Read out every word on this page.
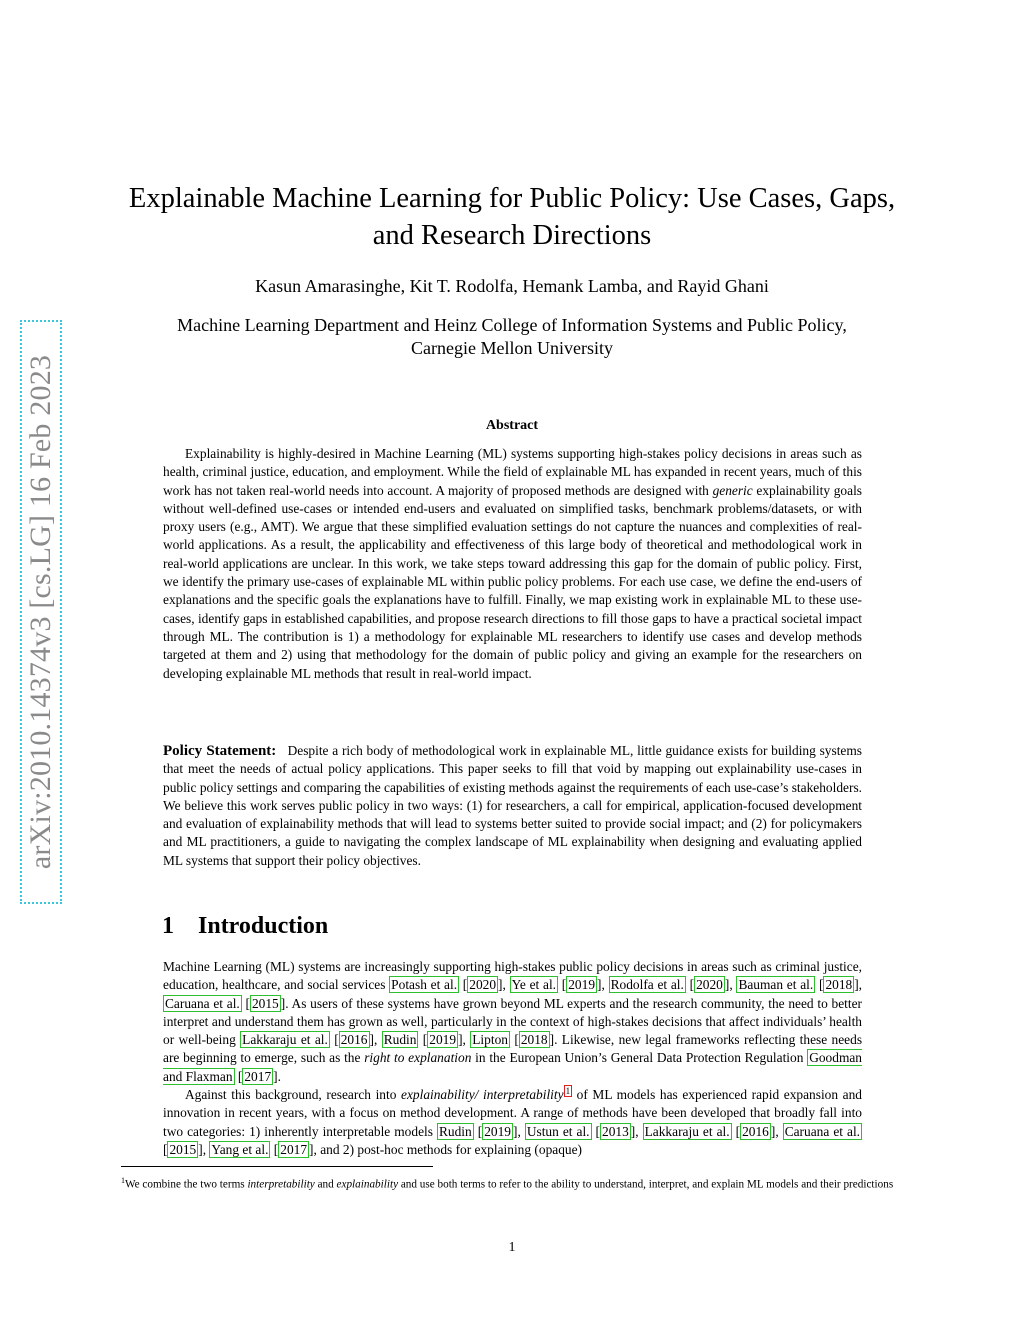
arXiv:2010.14374v3 [cs.LG] 16 Feb 2023
Explainable Machine Learning for Public Policy: Use Cases, Gaps,
and Research Directions
Kasun Amarasinghe, Kit T. Rodolfa, Hemank Lamba, and Rayid Ghani
Machine Learning Department and Heinz College of Information Systems and Public Policy,
Carnegie Mellon University
Abstract

Explainability is highly-desired in Machine Learning (ML) systems supporting high-stakes policy decisions in areas such as health, criminal justice, education, and employment. While the field of explainable ML has expanded in recent years, much of this work has not taken real-world needs into account. A majority of proposed methods are designed with generic explainability goals without well-defined use-cases or intended end-users and evaluated on simplified tasks, benchmark problems/datasets, or with proxy users (e.g., AMT). We argue that these simplified evaluation settings do not capture the nuances and complexities of real-world applications. As a result, the applicability and effectiveness of this large body of theoretical and methodological work in real-world applications are unclear. In this work, we take steps toward addressing this gap for the domain of public policy. First, we identify the primary use-cases of explainable ML within public policy problems. For each use case, we define the end-users of explanations and the specific goals the explanations have to fulfill. Finally, we map existing work in explainable ML to these use-cases, identify gaps in established capabilities, and propose research directions to fill those gaps to have a practical societal impact through ML. The contribution is 1) a methodology for explainable ML researchers to identify use cases and develop methods targeted at them and 2) using that methodology for the domain of public policy and giving an example for the researchers on developing explainable ML methods that result in real-world impact.

Policy Statement: Despite a rich body of methodological work in explainable ML, little guidance exists for building systems that meet the needs of actual policy applications. This paper seeks to fill that void by mapping out explainability use-cases in public policy settings and comparing the capabilities of existing methods against the requirements of each use-case’s stakeholders. We believe this work serves public policy in two ways: (1) for researchers, a call for empirical, application-focused development and evaluation of explainability methods that will lead to systems better suited to provide social impact; and (2) for policymakers and ML practitioners, a guide to navigating the complex landscape of ML explainability when designing and evaluating applied ML systems that support their policy objectives.

1 Introduction

Machine Learning (ML) systems are increasingly supporting high-stakes public policy decisions in areas such as criminal justice, education, healthcare, and social services Potash et al. [ 2020 ], Ye et al. [ 2019 ], Rodolfa et al. [ 2020 ], Bauman et al. [ 2018 ], Caruana et al. [ 2015 ]. As users of these systems have grown beyond ML experts and the research community, the need to better interpret and understand them has grown as well, particularly in the context of high-stakes decisions that affect individuals’ health or well-being Lakkaraju et al. [ 2016 ], Rudin [ 2019 ], Lipton [ 2018 ]. Likewise, new legal frameworks reflecting these needs are beginning to emerge, such as the right to explanation in the European Union’s General Data Protection Regulation Goodman and Flaxman [ 2017 ].

Against this background, research into explainability/ interpretability $^1$ of ML models has experienced rapid expansion and innovation in recent years, with a focus on method development. A range of methods have been developed that broadly fall into two categories: 1) inherently interpretable models Rudin [ 2019 ], Ustun et al. [ 2013 ], Lakkaraju et al. [ 2016 ], Caruana et al. [ 2015 ], Yang et al. [ 2017 ], and 2) post-hoc methods for explaining (opaque)

$^1$We combine the two terms interpretability and explainability and use both terms to refer to the ability to understand, interpret, and explain ML models and their predictions

1
